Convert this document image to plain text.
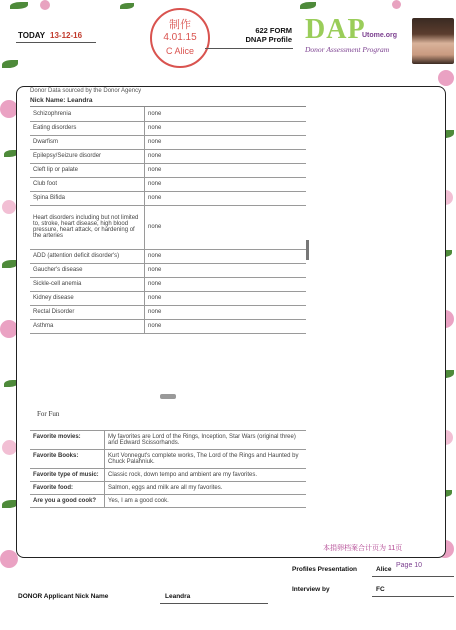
TODAY 13-12-16
制作
4.01.15
C Alice
622 FORM
DNAP Profile DAP
Utome.org
Donor Assessment Program
Donor Data sourced by the Donor Agency
Nick Name: Leandra
Schizophrenia	none
Eating disorders	none
Dwarfism	none
Epilepsy/Seizure disorder	none
Cleft lip or palate	none
Club foot	none
Spina Bifida	none
Heart disorders including but not limited to, stroke, heart disease, high blood pressure, heart attack, or hardening of the arteries	none
ADD (attention deficit disorder's)	none
Gaucher's disease	none
Sickle-cell anemia	none
Kidney disease	none
Rectal Disorder	none
Asthma	none
For Fun
Favorite movies:	My favorites are Lord of the Rings, Inception, Star Wars (original three) and Edward Scissorhands.
Favorite Books:	Kurt Vonnegut's complete works, The Lord of the Rings and Haunted by Chuck Palahniuk.
Favorite type of music:	Classic rock, down tempo and ambient are my favorites.
Favorite food:	Salmon, eggs and milk are all my favorites.
Are you a good cook?	Yes, I am a good cook.
本捐卵档案合计页为 11页
Profiles Presentation	Alice
Page 10
Interview by	FC
DONOR Applicant Nick Name	Leandra
